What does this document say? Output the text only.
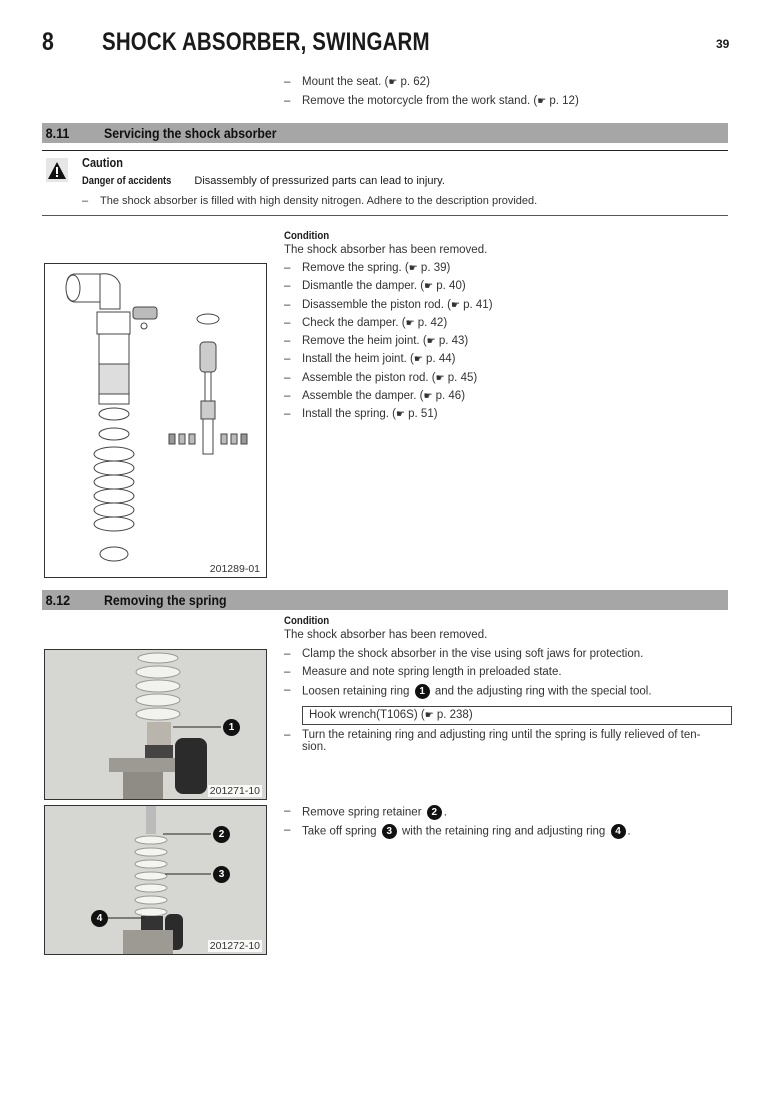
8 SHOCK ABSORBER, SWINGARM	39
–	Mount the seat. (☛ p. 62)
–	Remove the motorcycle from the work stand. (☛ p. 12)
8.11	Servicing the shock absorber
Caution
Danger of accidents Disassembly of pressurized parts can lead to injury.
–	The shock absorber is filled with high density nitrogen. Adhere to the description provided.
Condition
The shock absorber has been removed.
–	Remove the spring. (☛ p. 39)
–	Dismantle the damper. (☛ p. 40)
–	Disassemble the piston rod. (☛ p. 41)
–	Check the damper. (☛ p. 42)
–	Remove the heim joint. (☛ p. 43)
–	Install the heim joint. (☛ p. 44)
–	Assemble the piston rod. (☛ p. 45)
–	Assemble the damper. (☛ p. 46)
–	Install the spring. (☛ p. 51)
201289-01
8.12	Removing the spring
Condition
The shock absorber has been removed.
–	Clamp the shock absorber in the vise using soft jaws for protection.
–	Measure and note spring length in preloaded state.
–	Loosen retaining ring 1 and the adjusting ring with the special tool.
Hook wrench(T106S) (☛ p. 238)
–	Turn the retaining ring and adjusting ring until the spring is fully relieved of ten-sion.
–	Remove spring retainer 2 .
–	Take off spring 3 with the retaining ring and adjusting ring 4 .
1
201271-10
2
3
4
201272-10
